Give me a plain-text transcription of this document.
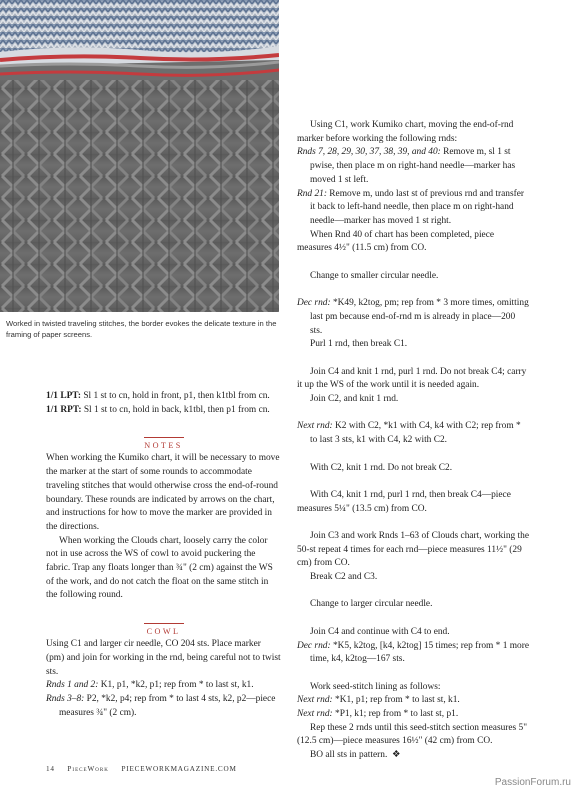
Worked in twisted traveling stitches, the border evokes the delicate texture in the framing of paper screens.

1/1 LPT: Sl 1 st to cn, hold in front, p1, then k1tbl from cn.

1/1 RPT: Sl 1 st to cn, hold in back, k1tbl, then p1 from cn.

NOTES

When working the Kumiko chart, it will be necessary to move the marker at the start of some rounds to accommodate traveling stitches that would otherwise cross the end-of-round boundary. These rounds are indicated by arrows on the chart, and instructions for how to move the marker are provided in the directions.

When working the Clouds chart, loosely carry the color not in use across the WS of cowl to avoid puckering the fabric. Trap any floats longer than ¾" (2 cm) against the WS of the work, and do not catch the float on the same stitch in the following round.

COWL

Using C1 and larger cir needle, CO 204 sts. Place marker (pm) and join for working in the rnd, being careful not to twist sts.

Rnds 1 and 2: K1, p1, *k2, p1; rep from * to last st, k1.

Rnds 3–8: P2, *k2, p4; rep from * to last 4 sts, k2, p2—piece measures ¾" (2 cm).

Using C1, work Kumiko chart, moving the end-of-rnd marker before working the following rnds:

Rnds 7, 28, 29, 30, 37, 38, 39, and 40: Remove m, sl 1 st pwise, then place m on right-hand needle—marker has moved 1 st left.

Rnd 21: Remove m, undo last st of previous rnd and transfer it back to left-hand needle, then place m on right-hand needle—marker has moved 1 st right.

When Rnd 40 of chart has been completed, piece measures 4½" (11.5 cm) from CO.

Change to smaller circular needle.

Dec rnd: *K49, k2tog, pm; rep from * 3 more times, omitting last pm because end-of-rnd m is already in place—200 sts.

Purl 1 rnd, then break C1.

Join C4 and knit 1 rnd, purl 1 rnd. Do not break C4; carry it up the WS of the work until it is needed again.

Join C2, and knit 1 rnd.

Next rnd: K2 with C2, *k1 with C4, k4 with C2; rep from * to last 3 sts, k1 with C4, k2 with C2.

With C2, knit 1 rnd. Do not break C2.

With C4, knit 1 rnd, purl 1 rnd, then break C4—piece measures 5¼" (13.5 cm) from CO.

Join C3 and work Rnds 1–63 of Clouds chart, working the 50-st repeat 4 times for each rnd—piece measures 11½" (29 cm) from CO.

Break C2 and C3.

Change to larger circular needle.

Join C4 and continue with C4 to end.

Dec rnd: *K5, k2tog, [k4, k2tog] 15 times; rep from * 1 more time, k4, k2tog—167 sts.

Work seed-stitch lining as follows:

Next rnd: *K1, p1; rep from * to last st, k1.

Next rnd: *P1, k1; rep from * to last st, p1.

Rep these 2 rnds until this seed-stitch section measures 5" (12.5 cm)—piece measures 16½" (42 cm) from CO.

BO all sts in pattern. ❖

14 PieceWork PIECEWORKMAGAZINE.COM
PassionForum.ru
